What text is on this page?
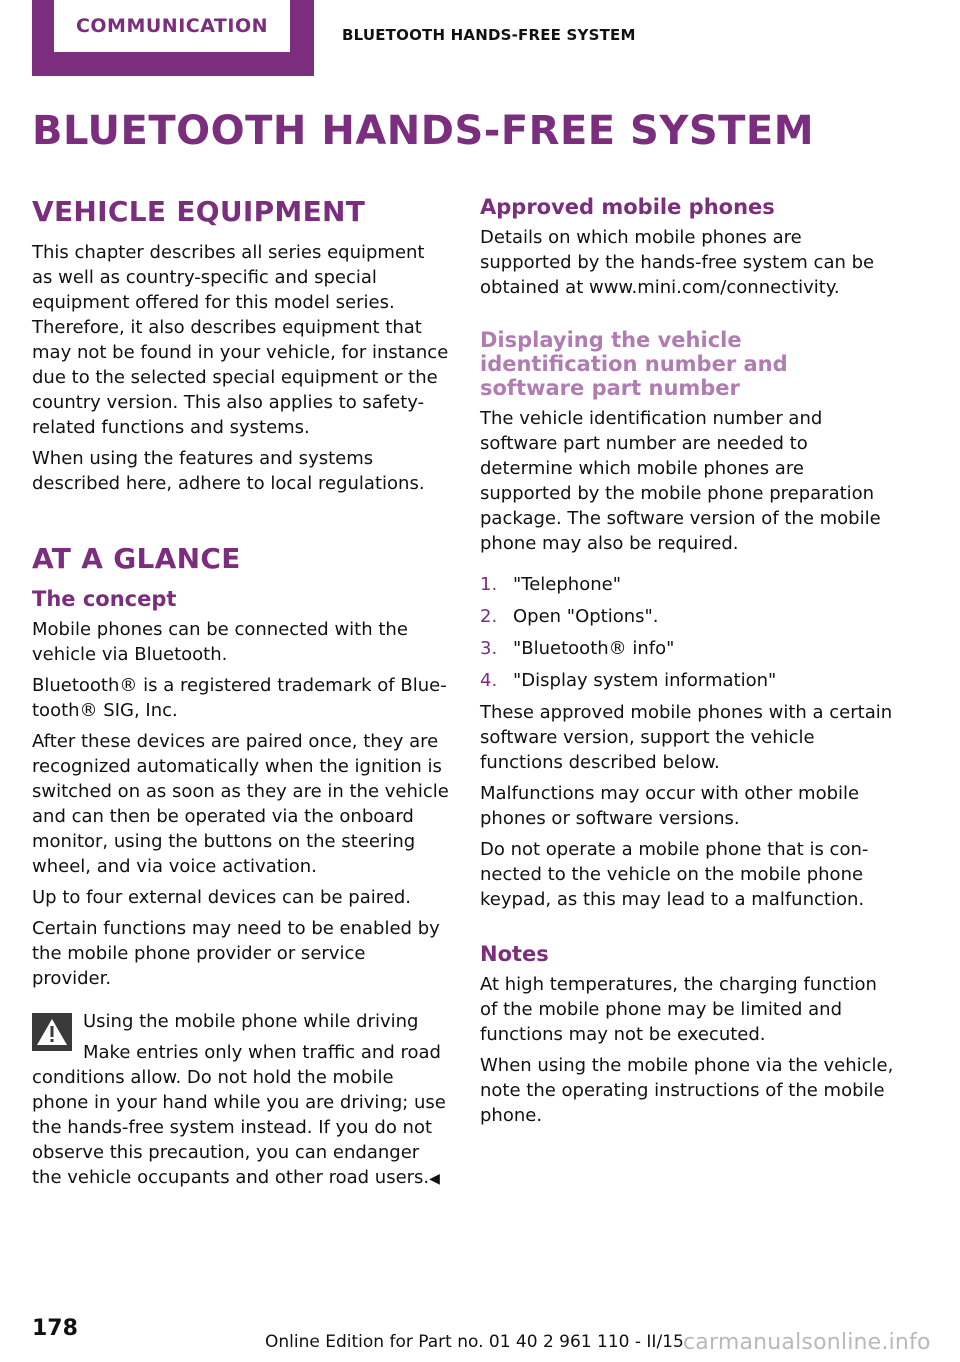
COMMUNICATION	BLUETOOTH HANDS-FREE SYSTEM
BLUETOOTH HANDS-FREE SYSTEM
VEHICLE EQUIPMENT

This chapter describes all series equipment as well as country-specific and special equipment offered for this model series. Therefore, it also describes equipment that may not be found in your vehicle, for instance due to the selected special equipment or the country version. This also applies to safety-related functions and systems.

When using the features and systems described here, adhere to local regulations.

AT A GLANCE
The concept

Mobile phones can be connected with the vehicle via Bluetooth.

Bluetooth® is a registered trademark of Bluetooth® SIG, Inc.

After these devices are paired once, they are recognized automatically when the ignition is switched on as soon as they are in the vehicle and can then be operated via the onboard monitor, using the buttons on the steering wheel, and via voice activation.

Up to four external devices can be paired.

Certain functions may need to be enabled by the mobile phone provider or service provider.

Using the mobile phone while driving

Make entries only when traffic and road conditions allow. Do not hold the mobile phone in your hand while you are driving; use the hands-free system instead. If you do not observe this precaution, you can endanger the vehicle occupants and other road users.◀

Approved mobile phones

Details on which mobile phones are supported by the hands-free system can be obtained at www.mini.com/connectivity.

Displaying the vehicle identification number and software part number

The vehicle identification number and software part number are needed to determine which mobile phones are supported by the mobile phone preparation package. The software version of the mobile phone may also be required.

1. "Telephone"
2. Open "Options".
3. "Bluetooth® info"
4. "Display system information"

These approved mobile phones with a certain software version, support the vehicle functions described below.

Malfunctions may occur with other mobile phones or software versions.

Do not operate a mobile phone that is connected to the vehicle on the mobile phone keypad, as this may lead to a malfunction.

Notes

At high temperatures, the charging function of the mobile phone may be limited and functions may not be executed.

When using the mobile phone via the vehicle, note the operating instructions of the mobile phone.

178
Online Edition for Part no. 01 40 2 961 110 - II/15 carmanualsonline.info
